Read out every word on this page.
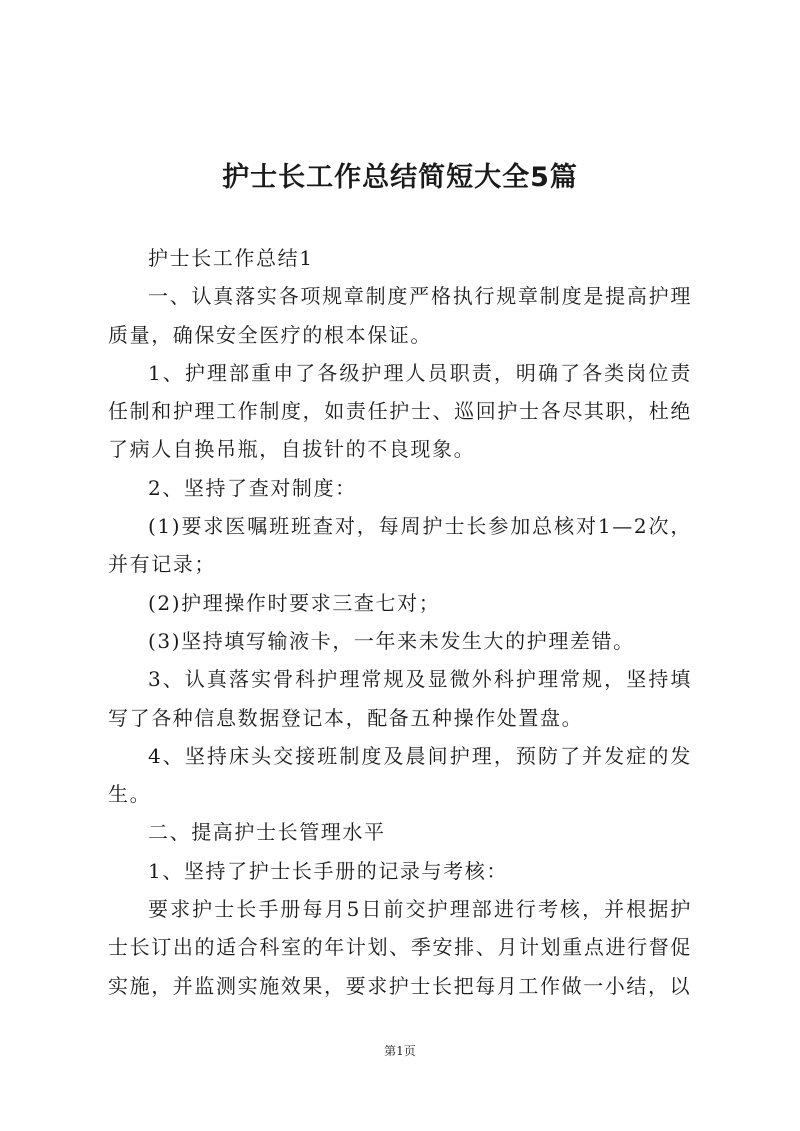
护士长工作总结简短大全5篇

护士长工作总结1

一、认真落实各项规章制度严格执行规章制度是提高护理质量，确保安全医疗的根本保证。

1、护理部重申了各级护理人员职责，明确了各类岗位责任制和护理工作制度，如责任护士、巡回护士各尽其职，杜绝了病人自换吊瓶，自拔针的不良现象。

2、坚持了查对制度：

(1)要求医嘱班班查对，每周护士长参加总核对1—2次，并有记录；

(2)护理操作时要求三查七对；

(3)坚持填写输液卡，一年来未发生大的护理差错。

3、认真落实骨科护理常规及显微外科护理常规，坚持填写了各种信息数据登记本，配备五种操作处置盘。

4、坚持床头交接班制度及晨间护理，预防了并发症的发生。

二、提高护士长管理水平

1、坚持了护士长手册的记录与考核：

要求护士长手册每月5日前交护理部进行考核，并根据护士长订出的适合科室的年计划、季安排、月计划重点进行督促实施，并监测实施效果，要求护士长把每月工作做一小结，以

第1页
